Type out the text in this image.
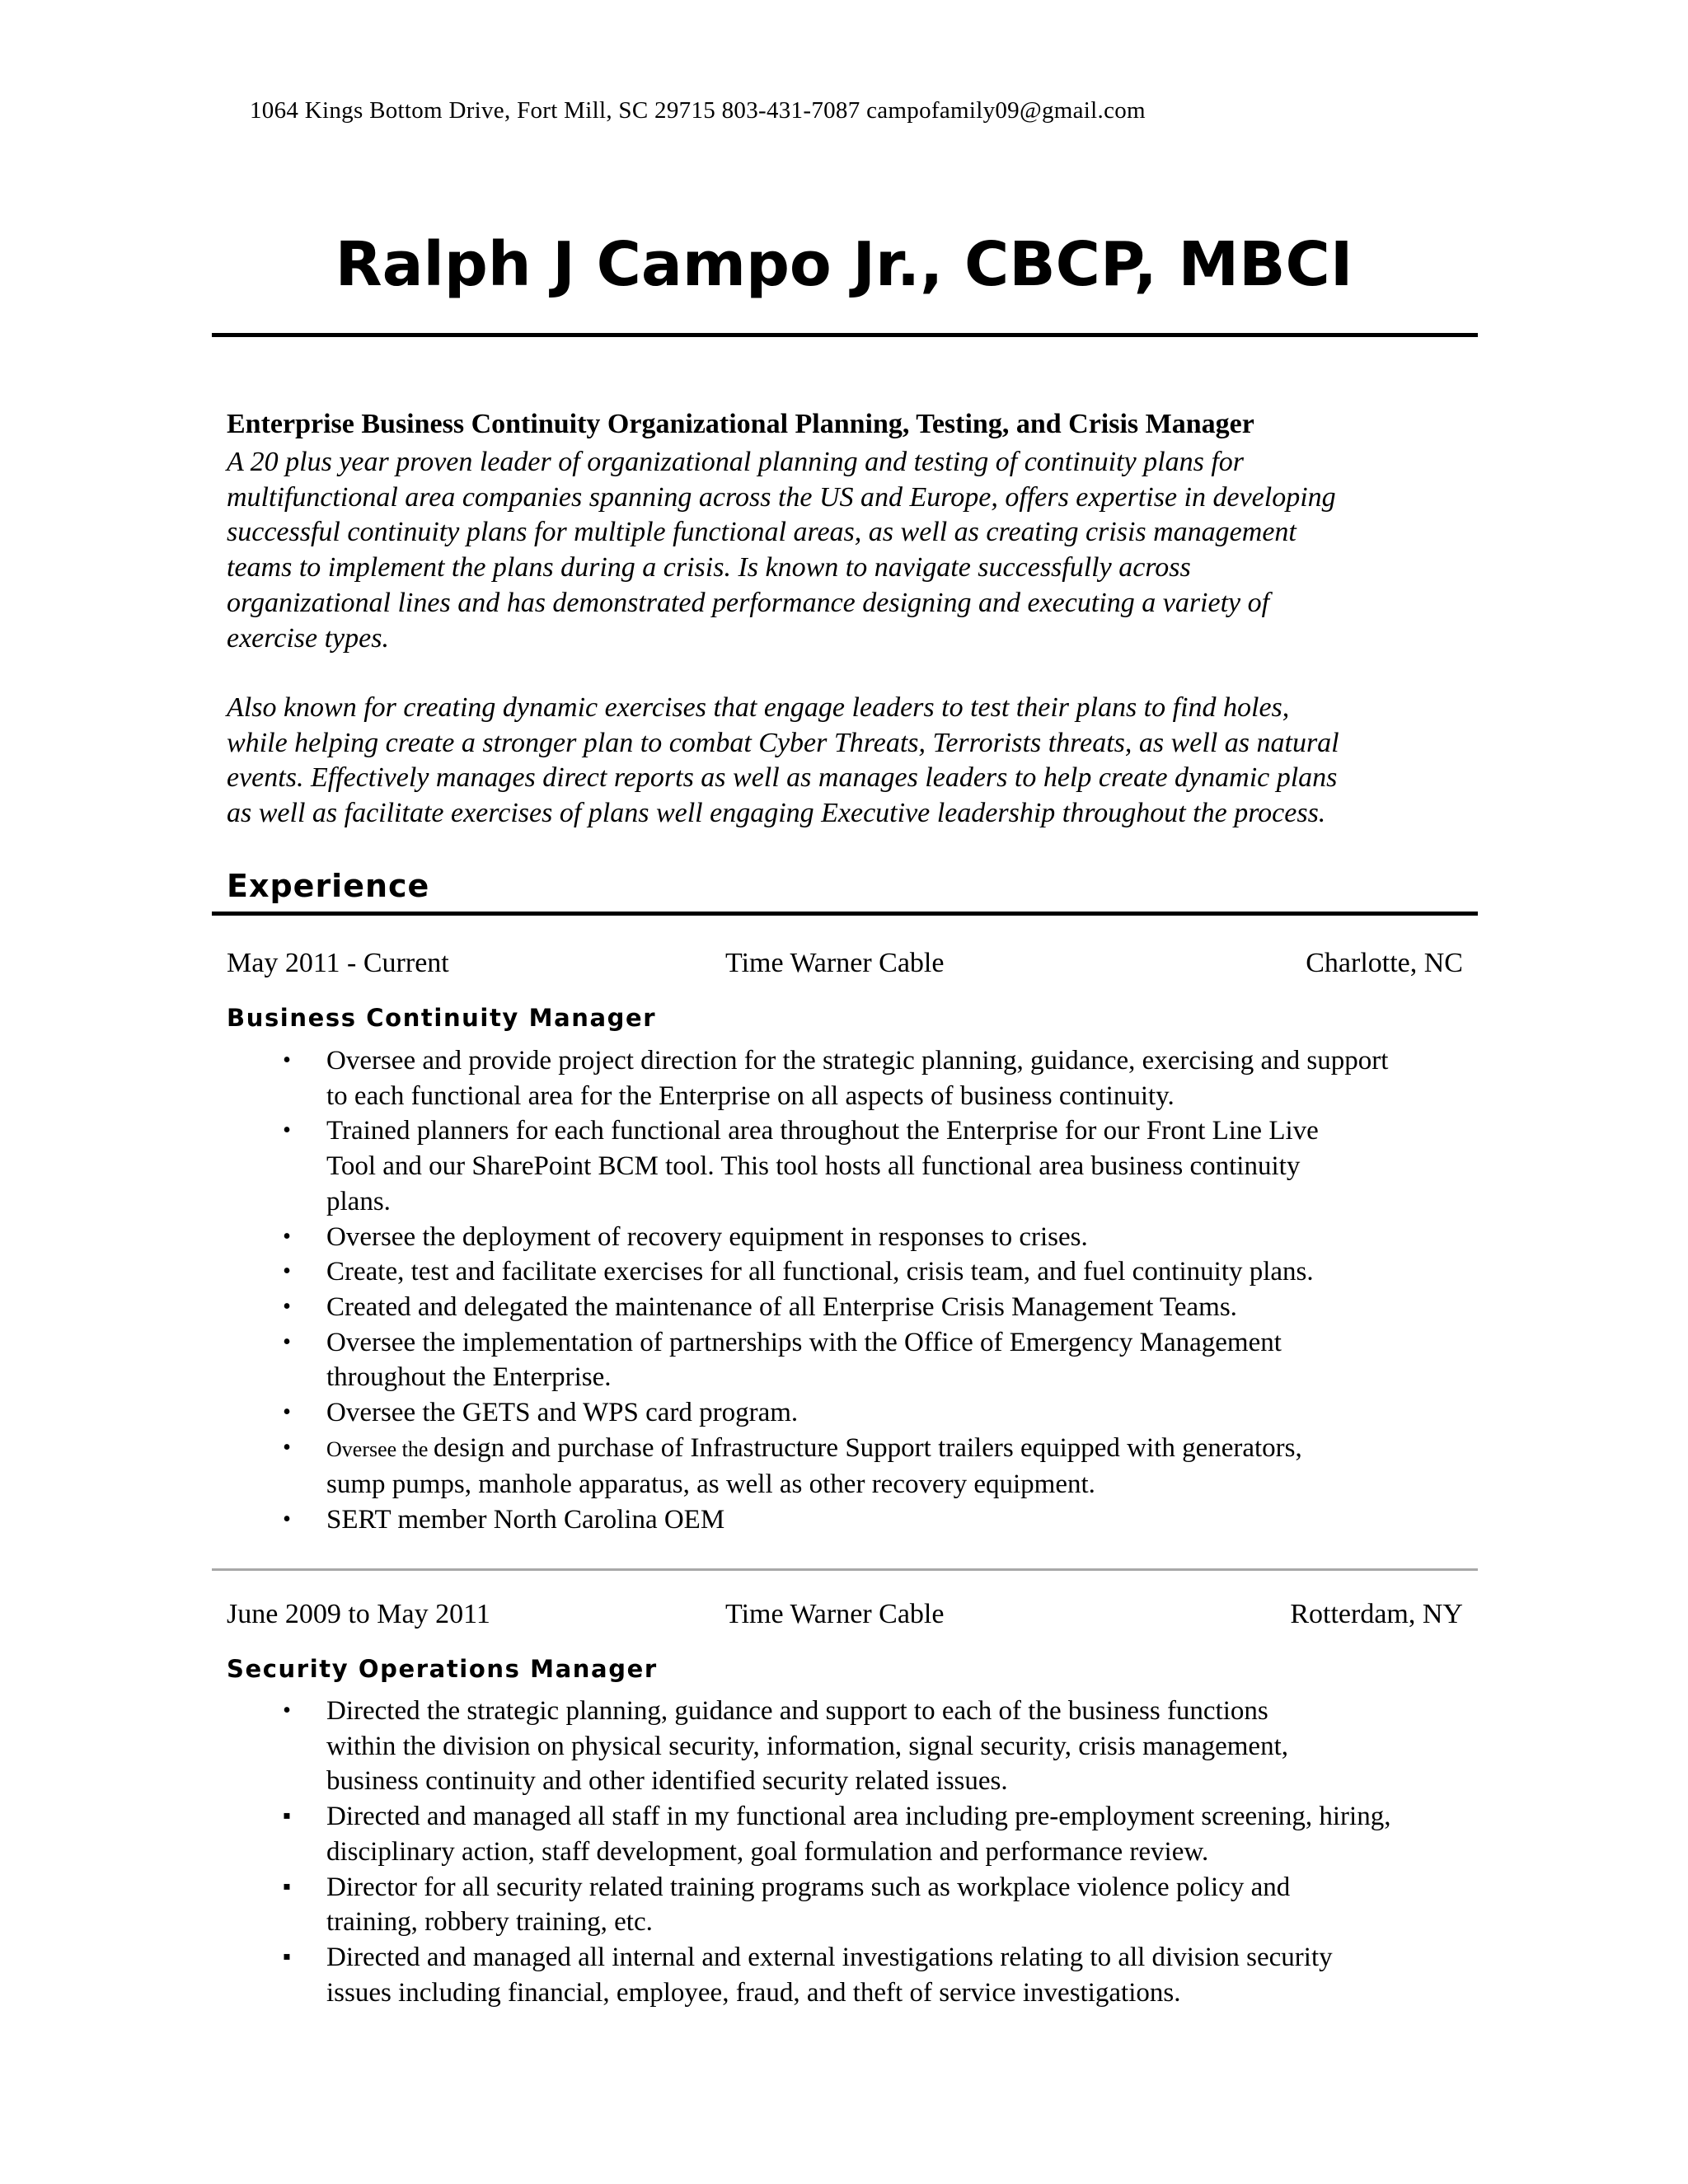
1064 Kings Bottom Drive, Fort Mill, SC 29715 803-431-7087 campofamily09@gmail.com
Ralph J Campo Jr., CBCP, MBCI
Enterprise Business Continuity Organizational Planning, Testing, and Crisis Manager
A 20 plus year proven leader of organizational planning and testing of continuity plans for
multifunctional area companies spanning across the US and Europe, offers expertise in developing
successful continuity plans for multiple functional areas, as well as creating crisis management
teams to implement the plans during a crisis. Is known to navigate successfully across
organizational lines and has demonstrated performance designing and executing a variety of
exercise types.
Also known for creating dynamic exercises that engage leaders to test their plans to find holes,
while helping create a stronger plan to combat Cyber Threats, Terrorists threats, as well as natural
events. Effectively manages direct reports as well as manages leaders to help create dynamic plans
as well as facilitate exercises of plans well engaging Executive leadership throughout the process.
Experience
May 2011 - Current	Time Warner Cable	Charlotte, NC
Business Continuity Manager
• Oversee and provide project direction for the strategic planning, guidance, exercising and support
to each functional area for the Enterprise on all aspects of business continuity.
• Trained planners for each functional area throughout the Enterprise for our Front Line Live
Tool and our SharePoint BCM tool. This tool hosts all functional area business continuity
plans.
• Oversee the deployment of recovery equipment in responses to crises.
• Create, test and facilitate exercises for all functional, crisis team, and fuel continuity plans.
• Created and delegated the maintenance of all Enterprise Crisis Management Teams.
• Oversee the implementation of partnerships with the Office of Emergency Management
throughout the Enterprise.
• Oversee the GETS and WPS card program.
• Oversee the design and purchase of Infrastructure Support trailers equipped with generators,
sump pumps, manhole apparatus, as well as other recovery equipment.
• SERT member North Carolina OEM
June 2009 to May 2011	Time Warner Cable	Rotterdam, NY
Security Operations Manager
• Directed the strategic planning, guidance and support to each of the business functions
within the division on physical security, information, signal security, crisis management,
business continuity and other identified security related issues.
▪ Directed and managed all staff in my functional area including pre-employment screening, hiring,
disciplinary action, staff development, goal formulation and performance review.
▪ Director for all security related training programs such as workplace violence policy and
training, robbery training, etc.
▪ Directed and managed all internal and external investigations relating to all division security
issues including financial, employee, fraud, and theft of service investigations.
